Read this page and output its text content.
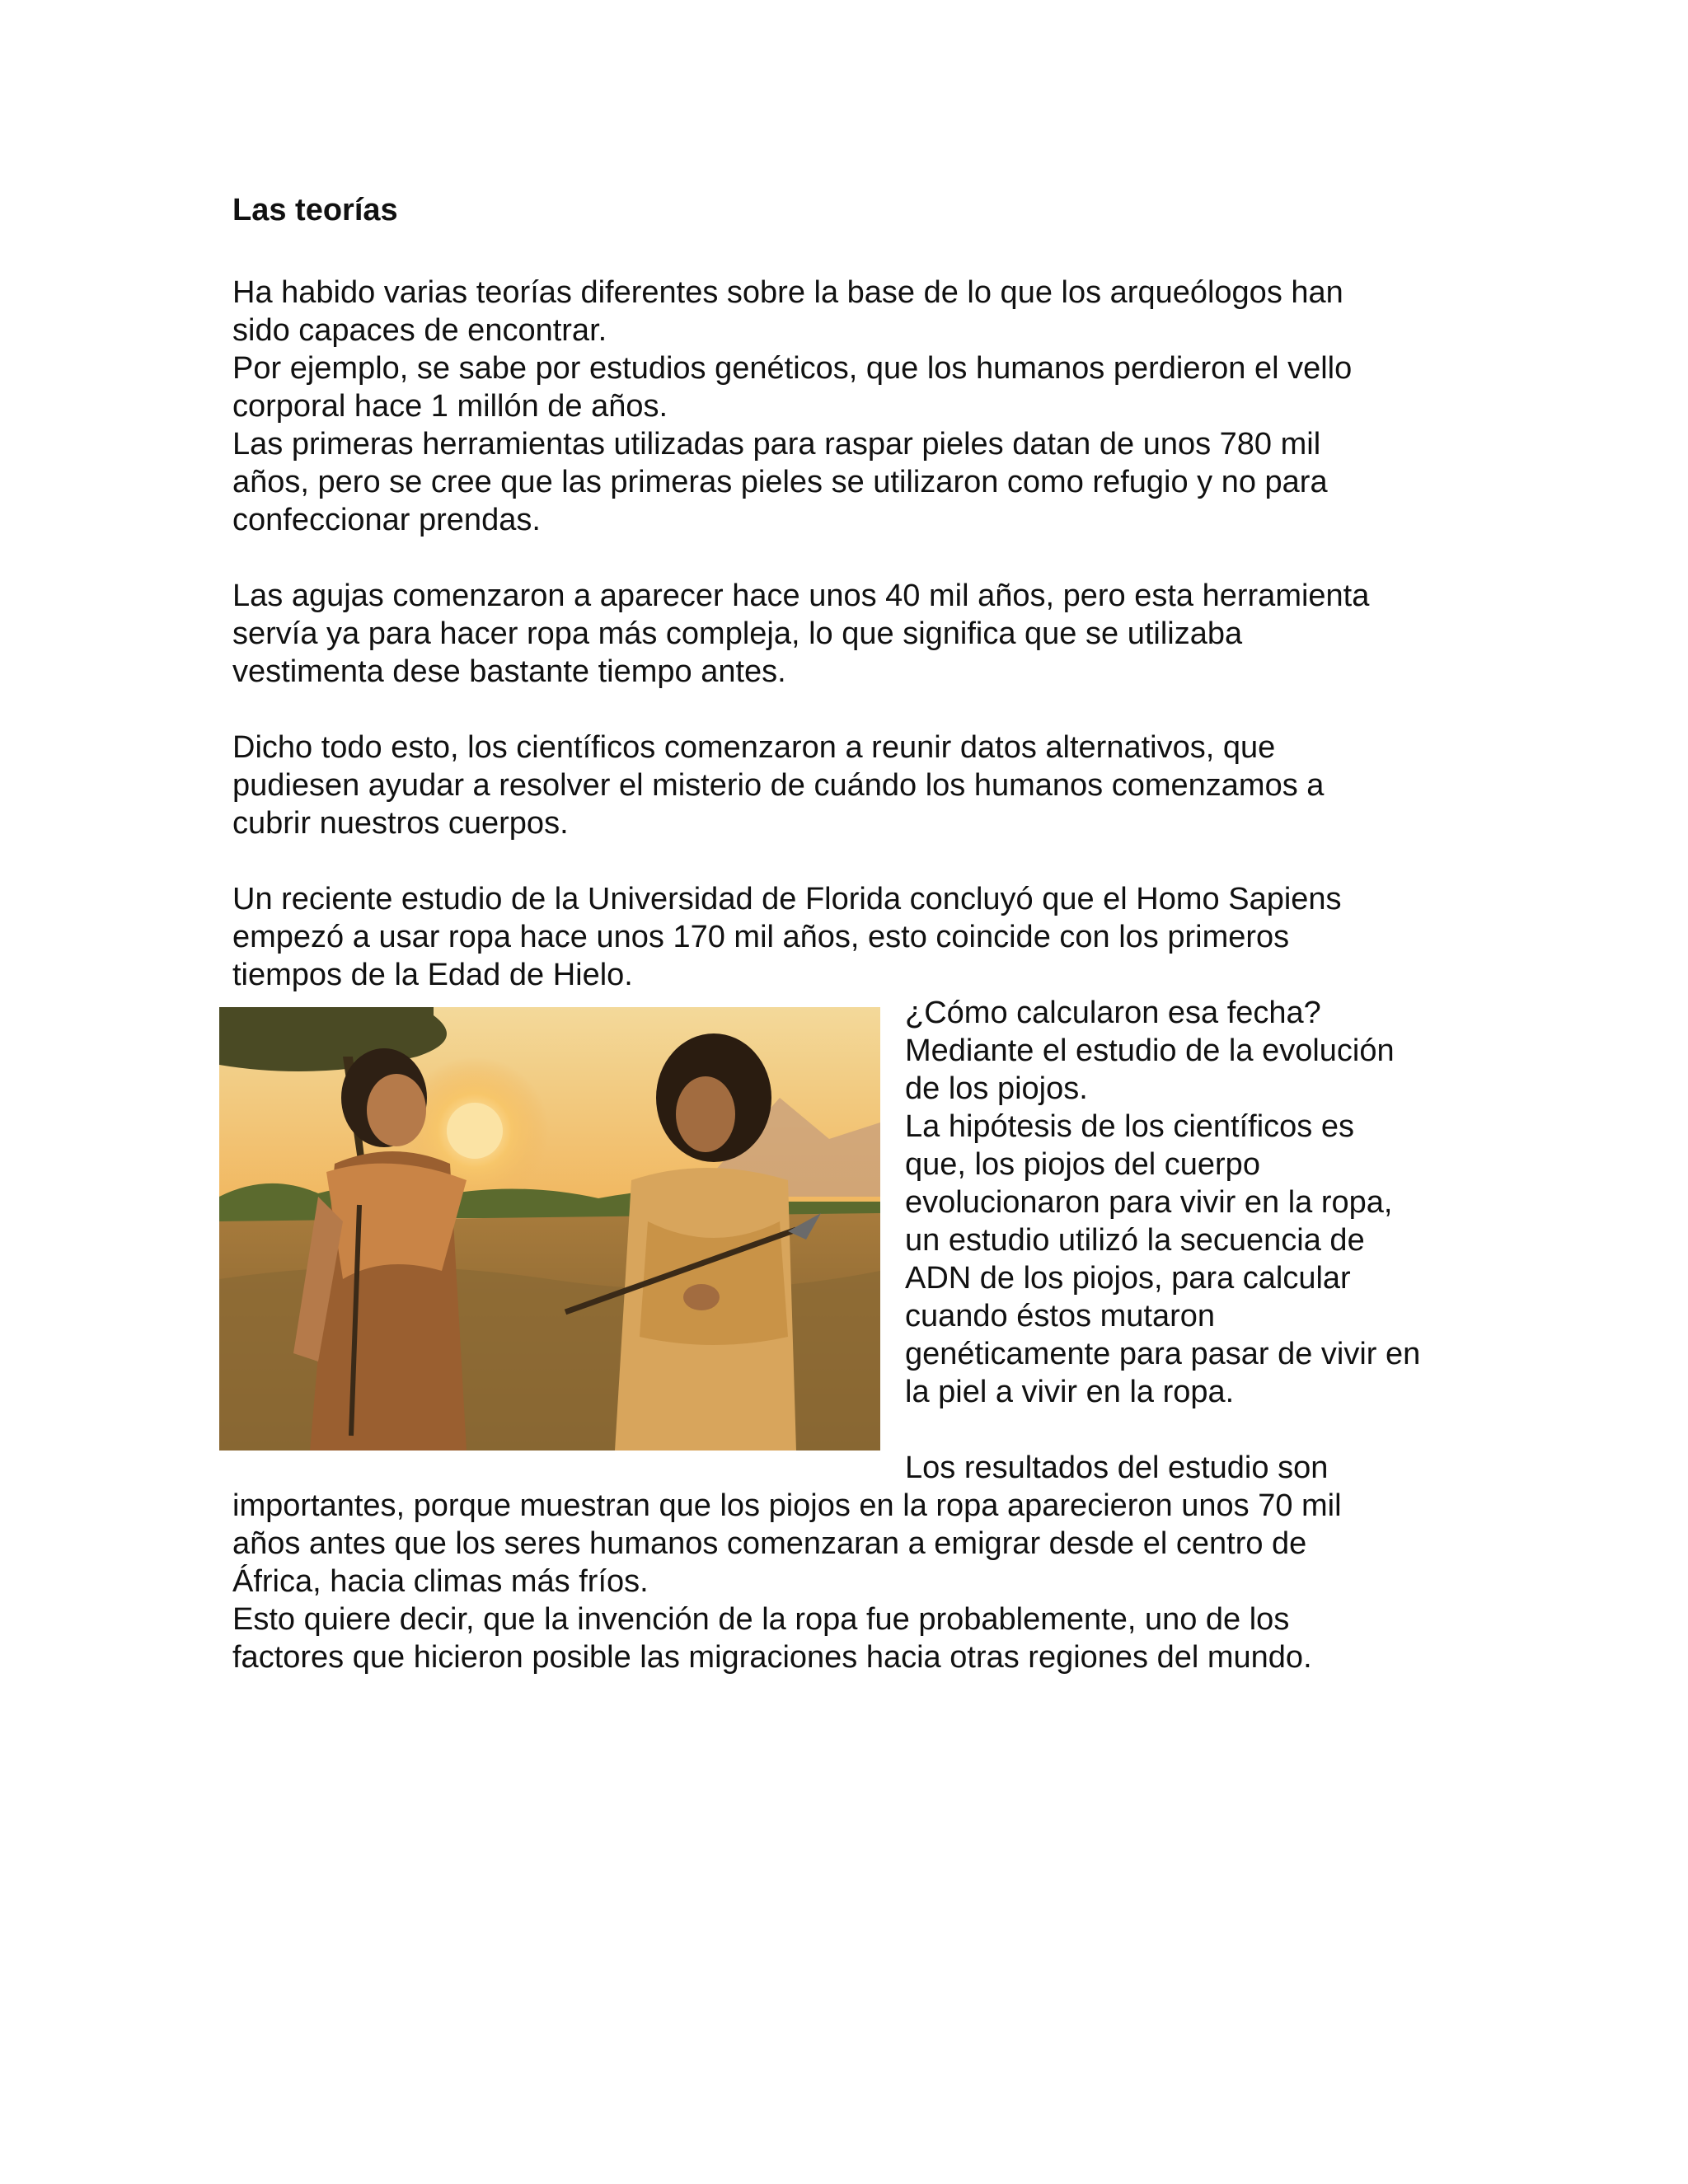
Las teorías
Ha habido varias teorías diferentes sobre la base de lo que los arqueólogos han
sido capaces de encontrar.
Por ejemplo, se sabe por estudios genéticos, que los humanos perdieron el vello
corporal hace 1 millón de años.
Las primeras herramientas utilizadas para raspar pieles datan de unos 780 mil
años, pero se cree que las primeras pieles se utilizaron como refugio y no para
confeccionar prendas.
Las agujas comenzaron a aparecer hace unos 40 mil años, pero esta herramienta
servía ya para hacer ropa más compleja, lo que significa que se utilizaba
vestimenta dese bastante tiempo antes.
Dicho todo esto, los científicos comenzaron a reunir datos alternativos, que
pudiesen ayudar a resolver el misterio de cuándo los humanos comenzamos a
cubrir nuestros cuerpos.
Un reciente estudio de la Universidad de Florida concluyó que el Homo Sapiens
empezó a usar ropa hace unos 170 mil años, esto coincide con los primeros
tiempos de la Edad de Hielo.
¿Cómo calcularon esa fecha?
Mediante el estudio de la evolución
de los piojos.
La hipótesis de los científicos es
que, los piojos del cuerpo
evolucionaron para vivir en la ropa,
un estudio utilizó la secuencia de
ADN de los piojos, para calcular
cuando éstos mutaron
genéticamente para pasar de vivir en
la piel a vivir en la ropa.
Los resultados del estudio son
importantes, porque muestran que los piojos en la ropa aparecieron unos 70 mil
años antes que los seres humanos comenzaran a emigrar desde el centro de
África, hacia climas más fríos.
Esto quiere decir, que la invención de la ropa fue probablemente, uno de los
factores que hicieron posible las migraciones hacia otras regiones del mundo.
